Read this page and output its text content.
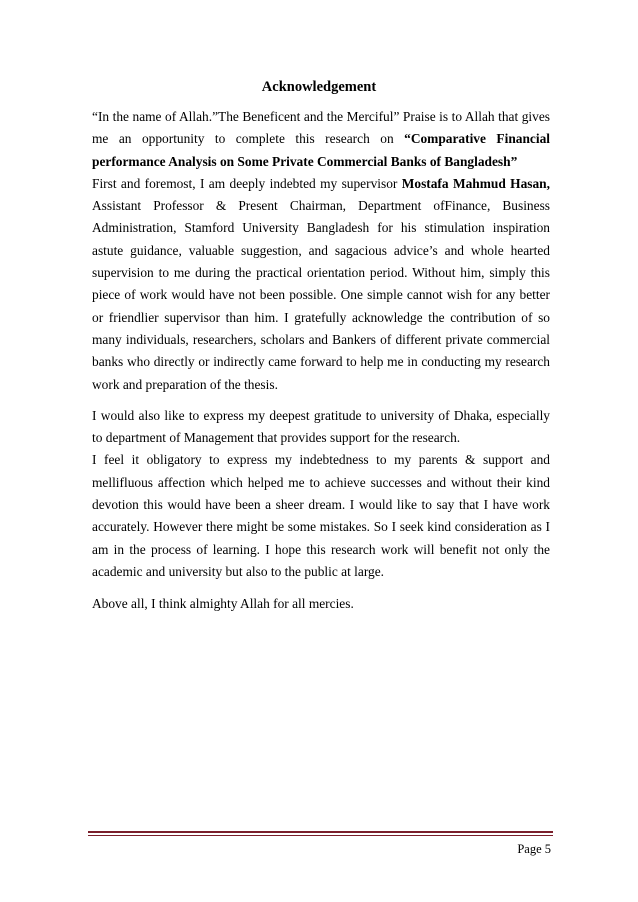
Acknowledgement

“In the name of Allah.”The Beneficent and the Merciful” Praise is to Allah that gives me an opportunity to complete this research on “Comparative Financial performance Analysis on Some Private Commercial Banks of Bangladesh”

First and foremost, I am deeply indebted my supervisor Mostafa Mahmud Hasan, Assistant Professor & Present Chairman, Department ofFinance, Business Administration, Stamford University Bangladesh for his stimulation inspiration astute guidance, valuable suggestion, and sagacious advice’s and whole hearted supervision to me during the practical orientation period. Without him, simply this piece of work would have not been possible. One simple cannot wish for any better or friendlier supervisor than him. I gratefully acknowledge the contribution of so many individuals, researchers, scholars and Bankers of different private commercial banks who directly or indirectly came forward to help me in conducting my research work and preparation of the thesis.

I would also like to express my deepest gratitude to university of Dhaka, especially to department of Management that provides support for the research.

I feel it obligatory to express my indebtedness to my parents & support and mellifluous affection which helped me to achieve successes and without their kind devotion this would have been a sheer dream. I would like to say that I have work accurately. However there might be some mistakes. So I seek kind consideration as I am in the process of learning. I hope this research work will benefit not only the academic and university but also to the public at large.

Above all, I think almighty Allah for all mercies.

Page 5
